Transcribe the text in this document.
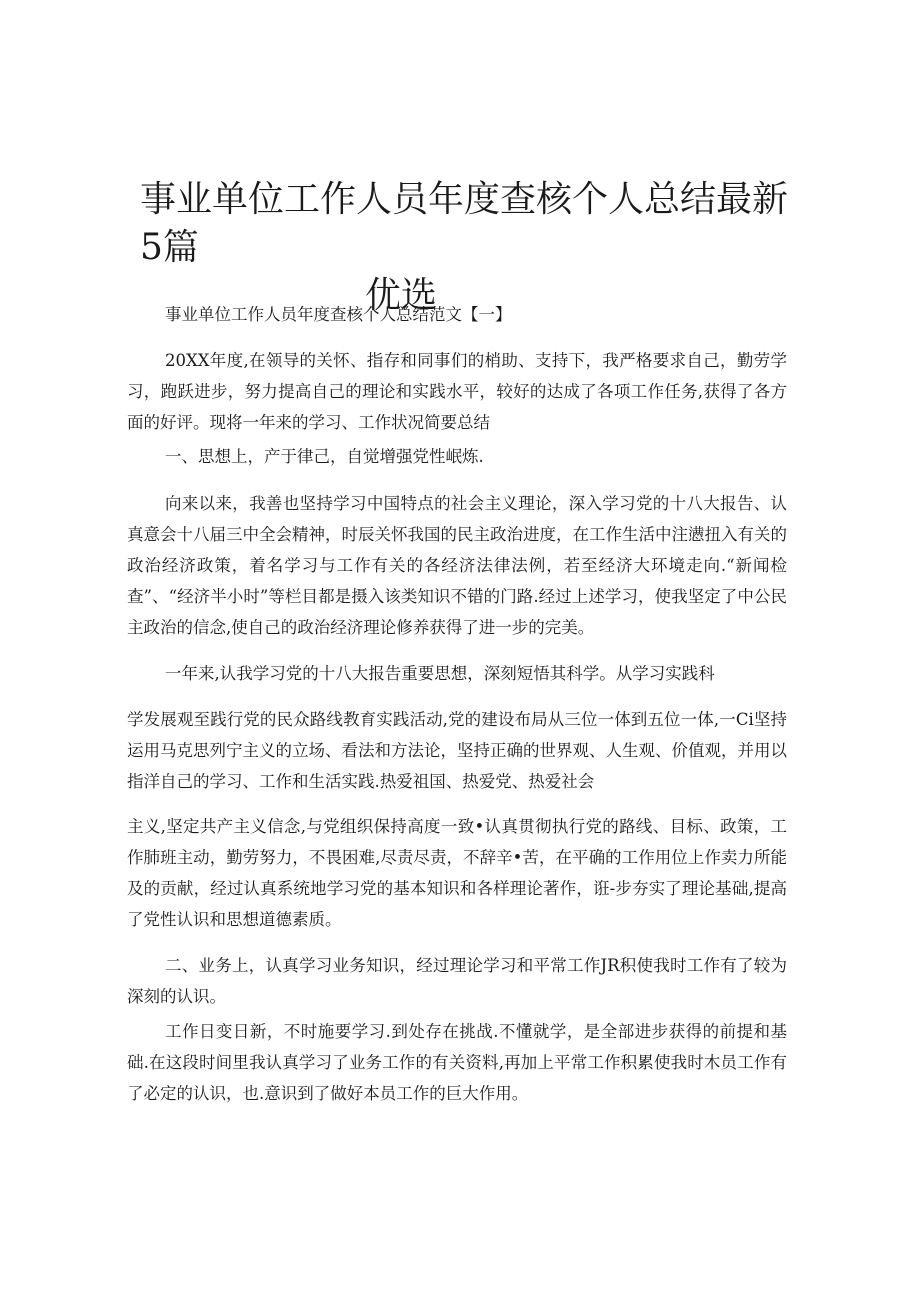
事业单位工作人员年度查核个人总结最新5篇
优选

事业单位工作人员年度查核个人总结范文【一】

20XX年度,在领导的关怀、指存和同事们的梢助、支持下，我严格要求自己，勤劳学习，跑跃进步，努力提高自己的理论和实践水平，较好的达成了各项工作任务,获得了各方面的好评。现将一年来的学习、工作状况简要总结

一、思想上，产于律己，自觉增强党性岷炼.

向来以来，我善也坚持学习中国特点的社会主义理论，深入学习党的十八大报告、认真意会十八届三中全会精神，时辰关怀我国的民主政治进度，在工作生活中注懑扭入有关的政治经济政策，着名学习与工作有关的各经济法律法例，若至经济大环境走向.“新闻检查”、“经济半小时”等栏目都是摄入该类知识不错的门路.经过上述学习，使我坚定了中公民主政治的信念,使自己的政治经济理论修养获得了进一步的完美。

一年来,认我学习党的十八大报告重要思想，深刻短悟其科学。从学习实践科

学发展观至践行党的民众路线教育实践活动,党的建设布局从三位一体到五位一体,一Ci坚持运用马克思列宁主义的立场、看法和方法论，坚持正确的世界观、人生观、价值观，并用以指洋自己的学习、工作和生活实践.热爱祖国、热爱党、热爱社会

主义,坚定共产主义信念,与党组织保持高度一致•认真贯彻执行党的路线、目标、政策，工作肺班主动，勤劳努力，不畏困难,尽责尽责，不辞辛•苦，在平确的工作用位上作卖力所能及的贡献，经过认真系统地学习党的基本知识和各样理论著作，诳-步夯实了理论基础,提高了党性认识和思想道德素质。

二、业务上，认真学习业务知识，经过理论学习和平常工作JR积使我时工作有了较为深刻的认识。

工作日变日新，不时施要学习.到处存在挑战.不懂就学，是全部进步获得的前提和基础.在这段时间里我认真学习了业务工作的有关资料,再加上平常工作积累使我时木员工作有了必定的认识，也.意识到了做好本员工作的巨大作用。
